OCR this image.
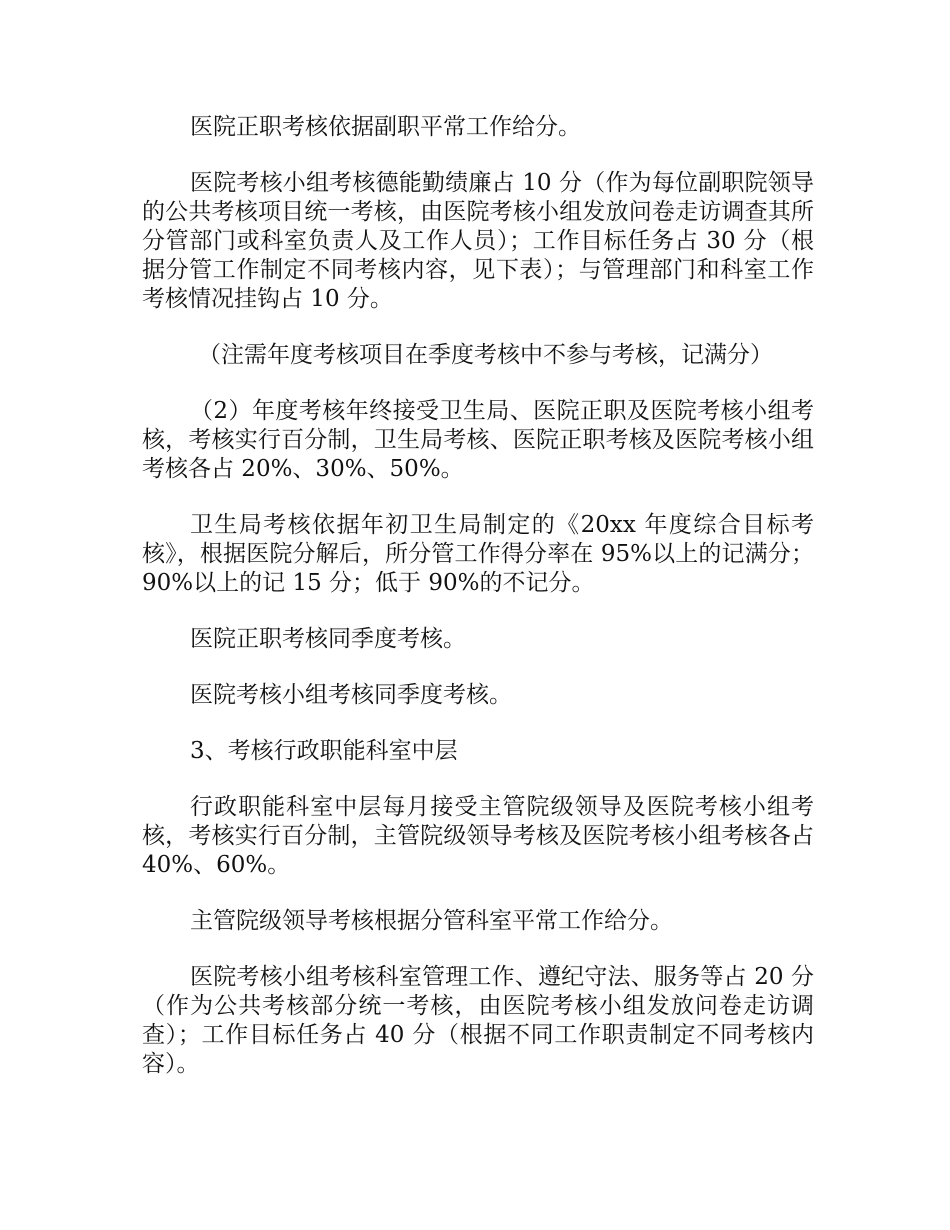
医院正职考核依据副职平常工作给分。

医院考核小组考核德能勤绩廉占 10 分（作为每位副职院领导的公共考核项目统一考核，由医院考核小组发放问卷走访调查其所分管部门或科室负责人及工作人员）；工作目标任务占 30 分（根据分管工作制定不同考核内容，见下表）；与管理部门和科室工作考核情况挂钩占 10 分。

（注需年度考核项目在季度考核中不参与考核，记满分）

（2）年度考核年终接受卫生局、医院正职及医院考核小组考核，考核实行百分制，卫生局考核、医院正职考核及医院考核小组考核各占 20%、30%、50%。

卫生局考核依据年初卫生局制定的《20xx 年度综合目标考核》，根据医院分解后，所分管工作得分率在 95%以上的记满分；90%以上的记 15 分；低于 90%的不记分。

医院正职考核同季度考核。

医院考核小组考核同季度考核。

3、考核行政职能科室中层

行政职能科室中层每月接受主管院级领导及医院考核小组考核，考核实行百分制，主管院级领导考核及医院考核小组考核各占 40%、60%。

主管院级领导考核根据分管科室平常工作给分。

医院考核小组考核科室管理工作、遵纪守法、服务等占 20 分（作为公共考核部分统一考核，由医院考核小组发放问卷走访调查）；工作目标任务占 40 分（根据不同工作职责制定不同考核内容）。
